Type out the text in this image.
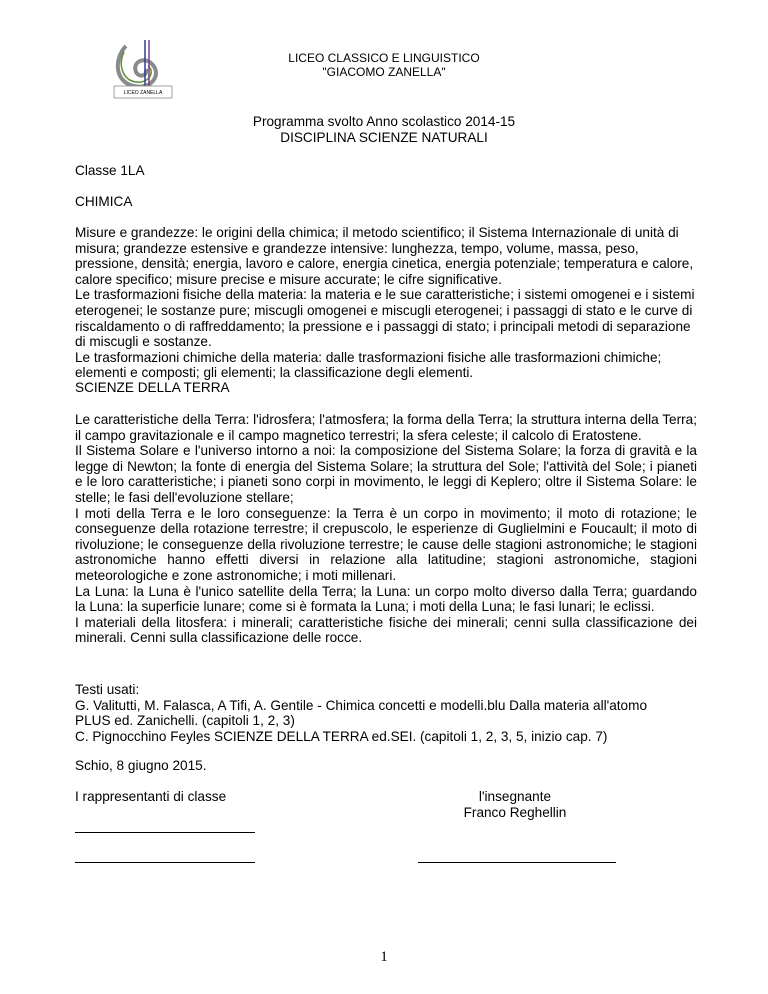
LICEO ZANELLA
LICEO CLASSICO E LINGUISTICO
"GIACOMO ZANELLA"
Programma svolto Anno scolastico 2014-15
DISCIPLINA SCIENZE NATURALI
Classe 1LA
CHIMICA

Misure e grandezze: le origini della chimica; il metodo scientifico; il Sistema Internazionale di unità di misura; grandezze estensive e grandezze intensive: lunghezza, tempo, volume, massa, peso, pressione, densità; energia, lavoro e calore, energia cinetica, energia potenziale; temperatura e calore, calore specifico; misure precise e misure accurate; le cifre significative.

Le trasformazioni fisiche della materia: la materia e le sue caratteristiche; i sistemi omogenei e i sistemi eterogenei; le sostanze pure; miscugli omogenei e miscugli eterogenei; i passaggi di stato e le curve di riscaldamento o di raffreddamento; la pressione e i passaggi di stato; i principali metodi di separazione di miscugli e sostanze.

Le trasformazioni chimiche della materia: dalle trasformazioni fisiche alle trasformazioni chimiche; elementi e composti; gli elementi; la classificazione degli elementi.

SCIENZE DELLA TERRA

Le caratteristiche della Terra: l'idrosfera; l'atmosfera; la forma della Terra; la struttura interna della Terra; il campo gravitazionale e il campo magnetico terrestri; la sfera celeste; il calcolo di Eratostene.

Il Sistema Solare e l'universo intorno a noi: la composizione del Sistema Solare; la forza di gravità e la legge di Newton; la fonte di energia del Sistema Solare; la struttura del Sole; l'attività del Sole; i pianeti e le loro caratteristiche; i pianeti sono corpi in movimento, le leggi di Keplero; oltre il Sistema Solare: le stelle; le fasi dell'evoluzione stellare;

I moti della Terra e le loro conseguenze: la Terra è un corpo in movimento; il moto di rotazione; le conseguenze della rotazione terrestre; il crepuscolo, le esperienze di Guglielmini e Foucault; il moto di rivoluzione; le conseguenze della rivoluzione terrestre; le cause delle stagioni astronomiche; le stagioni astronomiche hanno effetti diversi in relazione alla latitudine; stagioni astronomiche, stagioni meteorologiche e zone astronomiche; i moti millenari.

La Luna: la Luna è l'unico satellite della Terra; la Luna: un corpo molto diverso dalla Terra; guardando la Luna: la superficie lunare; come si è formata la Luna; i moti della Luna; le fasi lunari; le eclissi.

I materiali della litosfera: i minerali; caratteristiche fisiche dei minerali; cenni sulla classificazione dei minerali. Cenni sulla classificazione delle rocce.

Testi usati:
G. Valitutti, M. Falasca, A Tifi, A. Gentile - Chimica concetti e modelli.blu Dalla materia all'atomo
PLUS ed. Zanichelli. (capitoli 1, 2, 3)
C. Pignocchino Feyles SCIENZE DELLA TERRA ed.SEI. (capitoli 1, 2, 3, 5, inizio cap. 7)
Schio, 8 giugno 2015.
I rappresentanti di classe	l'insegnante
Franco Reghellin
1
